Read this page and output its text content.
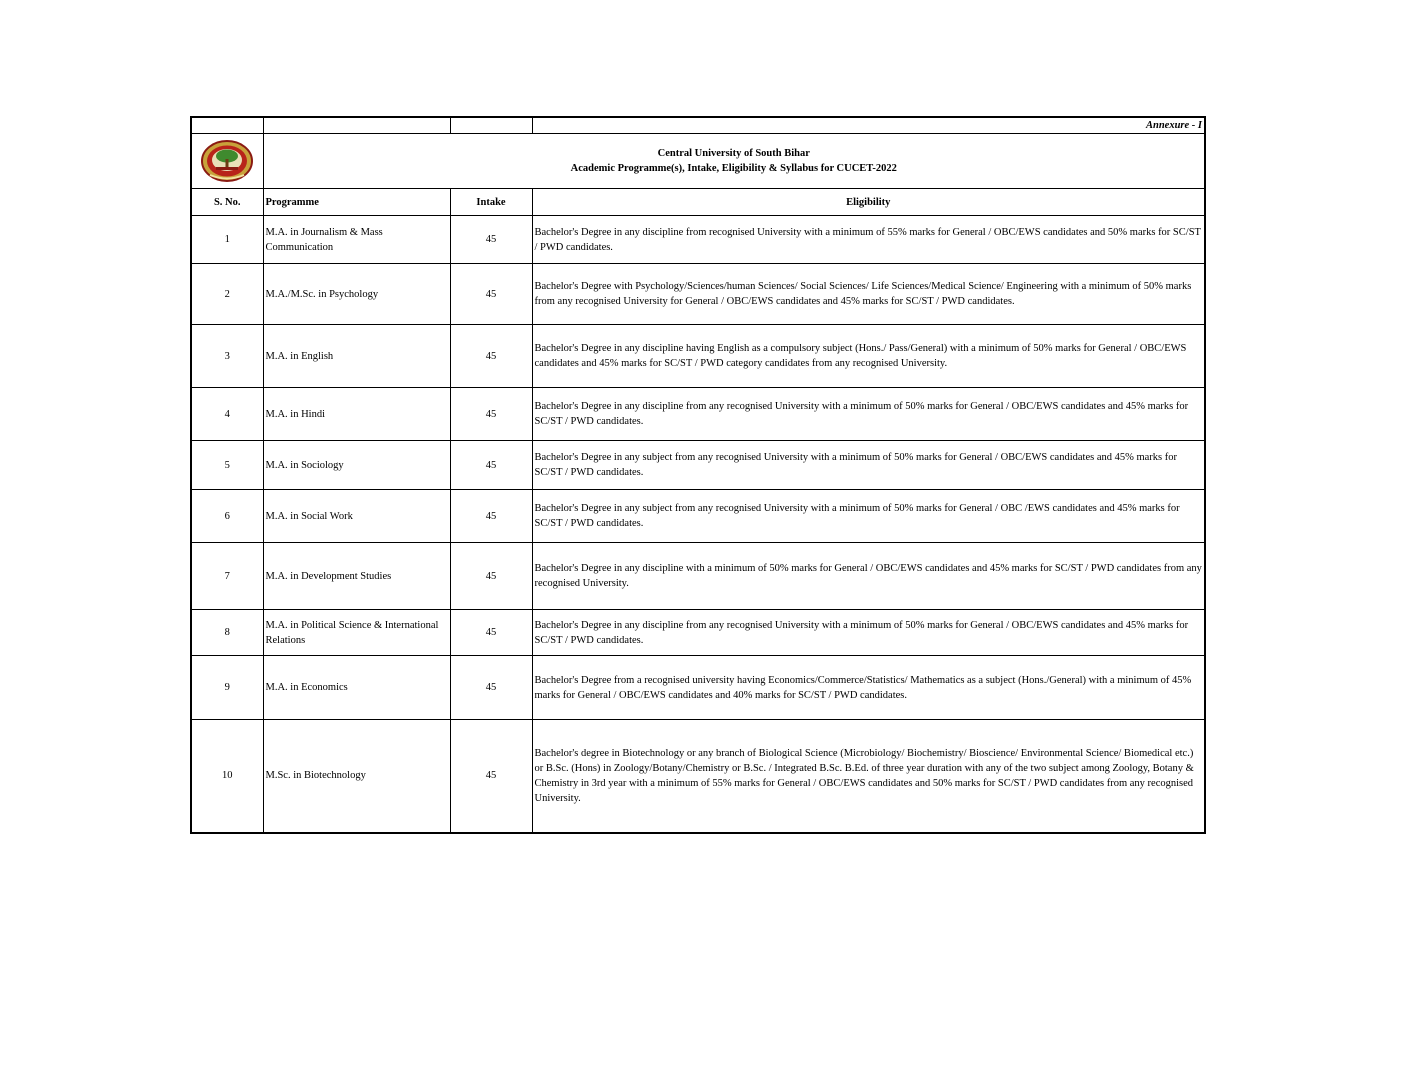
			Annexure - I

Central University of South Bihar
Academic Programme(s), Intake, Eligibility & Syllabus for CUCET-2022		

S. No.	Programme	Intake	Eligibility
1	M.A. in Journalism & Mass Communication	45	Bachelor's Degree in any discipline from recognised University with a minimum of 55% marks for General / OBC/EWS candidates and 50% marks for SC/ST / PWD candidates.
2	M.A./M.Sc. in Psychology	45	Bachelor's Degree with Psychology/Sciences/human Sciences/ Social Sciences/ Life Sciences/Medical Science/ Engineering with a minimum of 50% marks from any recognised University for General / OBC/EWS candidates and 45% marks for SC/ST / PWD candidates.
3	M.A. in English	45	Bachelor's Degree in any discipline having English as a compulsory subject (Hons./ Pass/General) with a minimum of 50% marks for General / OBC/EWS candidates and 45% marks for SC/ST / PWD category candidates from any recognised University.
4	M.A. in Hindi	45	Bachelor's Degree in any discipline from any recognised University with a minimum of 50% marks for General / OBC/EWS candidates and 45% marks for SC/ST / PWD candidates.
5	M.A. in Sociology	45	Bachelor's Degree in any subject from any recognised University with a minimum of 50% marks for General / OBC/EWS candidates and 45% marks for SC/ST / PWD candidates.
6	M.A. in Social Work	45	Bachelor's Degree in any subject from any recognised University with a minimum of 50% marks for General / OBC /EWS candidates and 45% marks for SC/ST / PWD candidates.
7	M.A. in Development Studies	45	Bachelor's Degree in any discipline with a minimum of 50% marks for General / OBC/EWS candidates and 45% marks for SC/ST / PWD candidates from any recognised University.
8	M.A. in Political Science & International Relations	45	Bachelor's Degree in any discipline from any recognised University with a minimum of 50% marks for General / OBC/EWS candidates and 45% marks for SC/ST / PWD candidates.
9	M.A. in Economics	45	Bachelor's Degree from a recognised university having Economics/Commerce/Statistics/ Mathematics as a subject (Hons./General) with a minimum of 45% marks for General / OBC/EWS candidates and 40% marks for SC/ST / PWD candidates.
10	M.Sc. in Biotechnology	45	Bachelor's degree in Biotechnology or any branch of Biological Science (Microbiology/ Biochemistry/ Bioscience/ Environmental Science/ Biomedical etc.) or B.Sc. (Hons) in Zoology/Botany/Chemistry or B.Sc. / Integrated B.Sc. B.Ed. of three year duration with any of the two subject among Zoology, Botany & Chemistry in 3rd year with a minimum of 55% marks for General / OBC/EWS candidates and 50% marks for SC/ST / PWD candidates from any recognised University.
